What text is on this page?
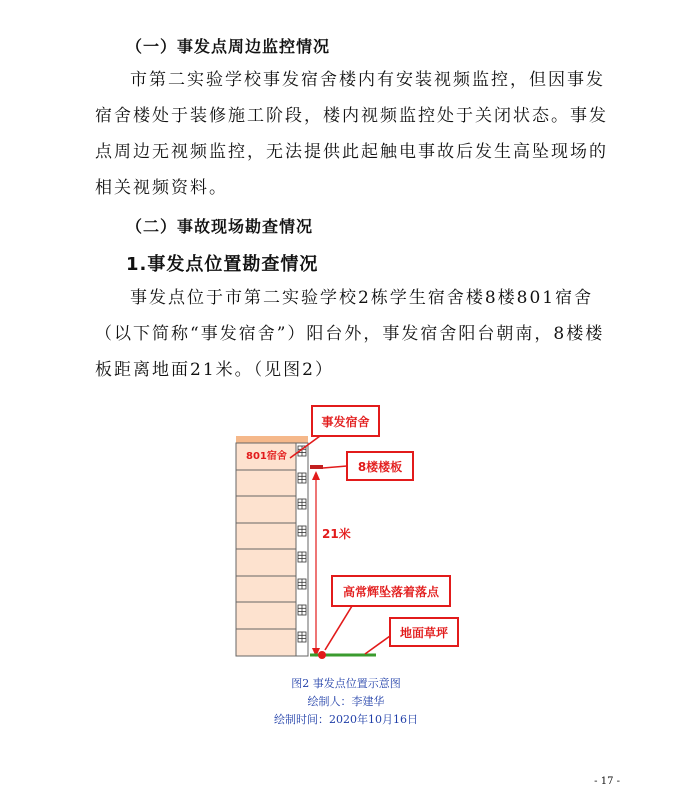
（一）事发点周边监控情况

市第二实验学校事发宿舍楼内有安装视频监控，但因事发宿舍楼处于装修施工阶段，楼内视频监控处于关闭状态。事发点周边无视频监控，无法提供此起触电事故后发生高坠现场的相关视频资料。

（二）事故现场勘查情况
1.事发点位置勘查情况

事发点位于市第二实验学校2栋学生宿舍楼8楼801宿舍（以下简称“事发宿舍”）阳台外，事发宿舍阳台朝南，8楼楼板距离地面21米。（见图2）

801宿舍
事发宿舍
8楼楼板
21米
高常辉坠落着落点
地面草坪
图2 事发点位置示意图
绘制人：李建华
绘制时间：2020年10月16日
- 17 -
